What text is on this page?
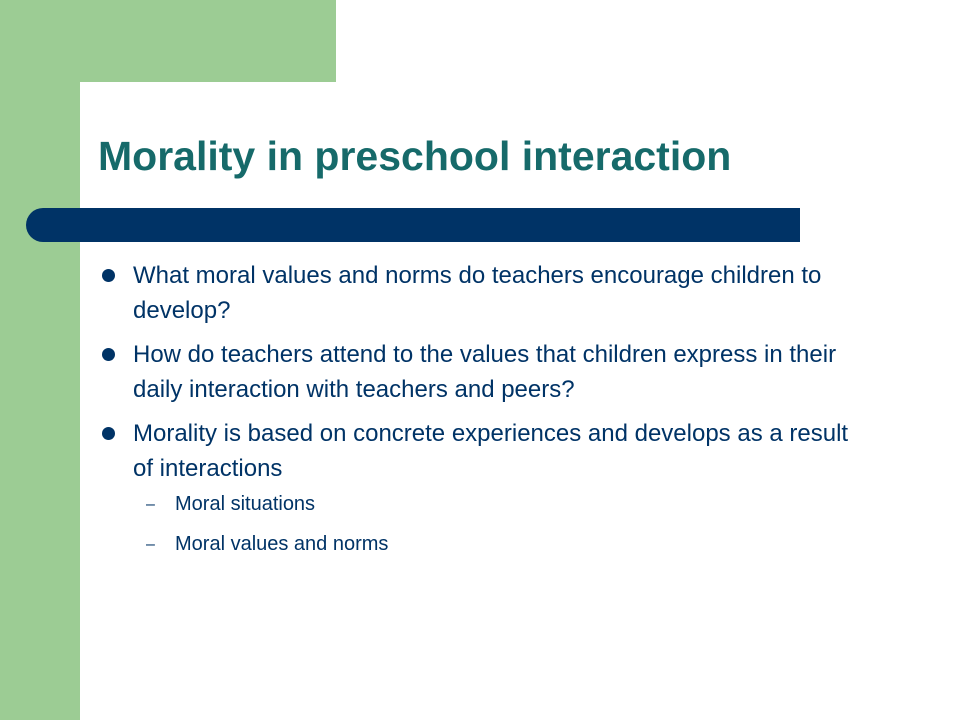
Morality in preschool interaction
What moral values and norms do teachers encourage children to develop?
How do teachers attend to the values that children express in their daily interaction with teachers and peers?
Morality is based on concrete experiences and develops as a result of interactions
– Moral situations
– Moral values and norms
